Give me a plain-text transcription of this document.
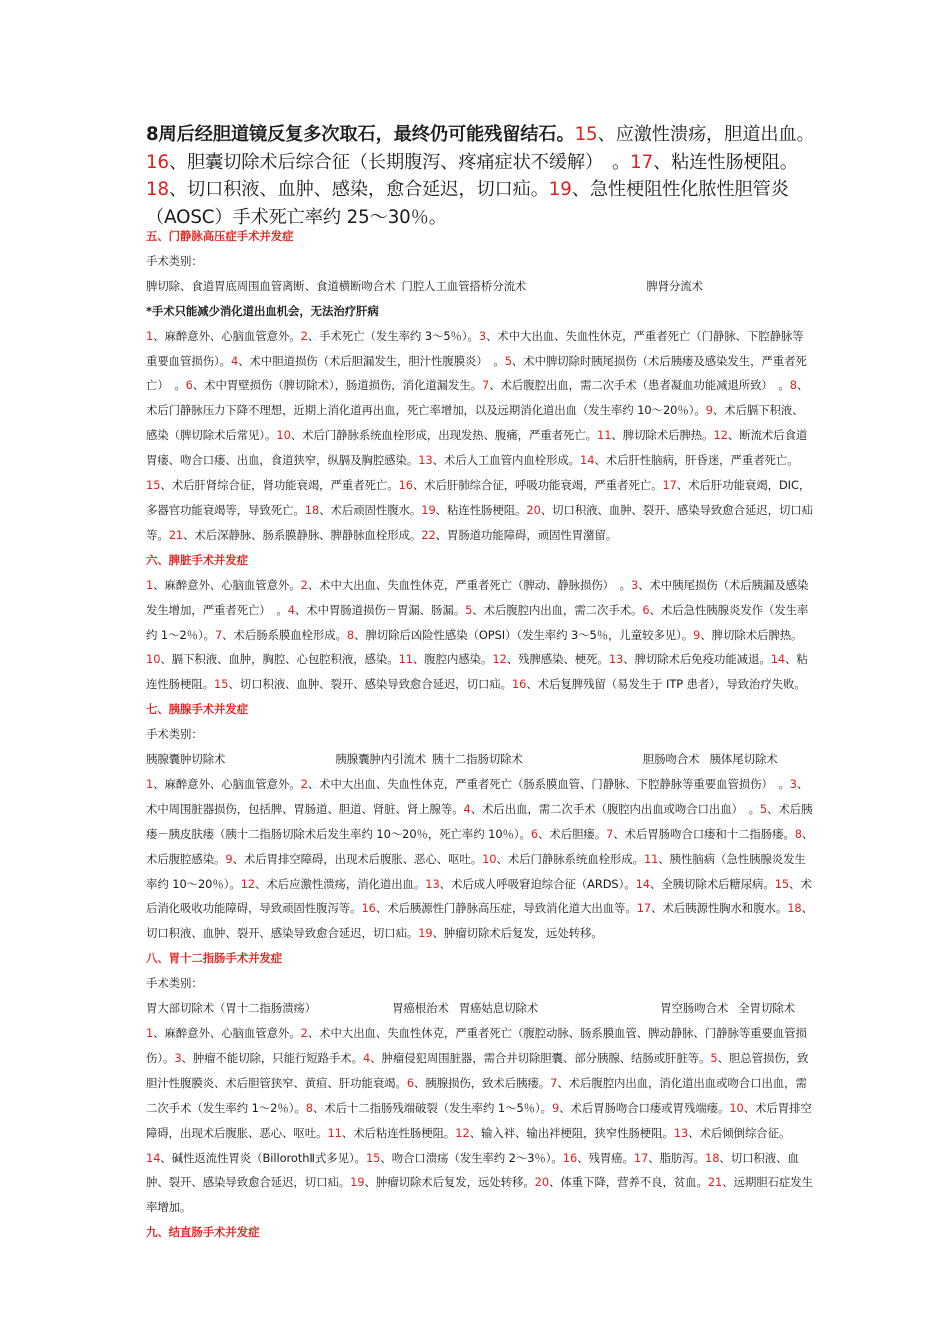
8周后经胆道镜反复多次取石，最终仍可能残留结石。15、应激性溃疡，胆道出血。16、胆囊切除术后综合征（长期腹泻、疼痛症状不缓解）　。17、粘连性肠梗阻。18、切口积液、血肿、感染，愈合延迟，切口疝。19、急性梗阻性化脓性胆管炎（AOSC）手术死亡率约 25～30％。

五、门静脉高压症手术并发症

手术类别：

脾切除、食道胃底周围血管离断、食道横断吻合术 门腔人工血管搭桥分流术	脾肾分流术

*手术只能减少消化道出血机会，无法治疗肝病

1、麻醉意外、心脑血管意外。2、手术死亡（发生率约 3～5％）。3、术中大出血、失血性休克，严重者死亡（门静脉、下腔静脉等重要血管损伤）。4、术中胆道损伤（术后胆漏发生，胆汁性腹膜炎）　。5、术中脾切除时胰尾损伤（术后胰瘘及感染发生，严重者死亡）　。6、术中胃壁损伤（脾切除术），肠道损伤，消化道漏发生。7、术后腹腔出血，需二次手术（患者凝血功能减退所致）　。8、术后门静脉压力下降不理想，近期上消化道再出血，死亡率增加，以及远期消化道出血（发生率约 10～20％）。9、术后膈下积液、感染（脾切除术后常见）。10、术后门静脉系统血栓形成，出现发热、腹痛，严重者死亡。11、脾切除术后脾热。12、断流术后食道胃瘘、吻合口瘘、出血，食道狭窄，纵膈及胸腔感染。13、术后人工血管内血栓形成。14、术后肝性脑病，肝昏迷，严重者死亡。15、术后肝肾综合征，肾功能衰竭，严重者死亡。16、术后肝肺综合征，呼吸功能衰竭，严重者死亡。17、术后肝功能衰竭，DIC，多器官功能衰竭等，导致死亡。18、术后顽固性腹水。19、粘连性肠梗阻。20、切口积液、血肿、裂开、感染导致愈合延迟，切口疝等。21、术后深静脉、肠系膜静脉、脾静脉血栓形成。22、胃肠道功能障碍，顽固性胃潴留。

六、脾脏手术并发症

1、麻醉意外、心脑血管意外。2、术中大出血、失血性休克，严重者死亡（脾动、静脉损伤）　。3、术中胰尾损伤（术后胰漏及感染发生增加，严重者死亡）　。4、术中胃肠道损伤－胃漏、肠漏。5、术后腹腔内出血，需二次手术。6、术后急性胰腺炎发作（发生率约 1～2％）。7、术后肠系膜血栓形成。8、脾切除后凶险性感染（OPSI）（发生率约 3～5％，儿童较多见）。9、脾切除术后脾热。10、膈下积液、血肿，胸腔、心包腔积液，感染。11、腹腔内感染。12、残脾感染、梗死。13、脾切除术后免疫功能减退。14、粘连性肠梗阻。15、切口积液、血肿、裂开、感染导致愈合延迟，切口疝。16、术后复脾残留（易发生于 ITP 患者），导致治疗失败。

七、胰腺手术并发症

手术类别：

胰腺囊肿切除术	胰腺囊肿内引流术 胰十二指肠切除术	胆肠吻合术 胰体尾切除术

1、麻醉意外、心脑血管意外。2、术中大出血、失血性休克，严重者死亡（肠系膜血管、门静脉、下腔静脉等重要血管损伤）　。3、术中周围脏器损伤，包括脾、胃肠道、胆道、肾脏、肾上腺等。4、术后出血，需二次手术（腹腔内出血或吻合口出血）　。5、术后胰瘘－胰皮肤瘘（胰十二指肠切除术后发生率约 10～20％，死亡率约 10％）。6、术后胆瘘。7、术后胃肠吻合口瘘和十二指肠瘘。8、术后腹腔感染。9、术后胃排空障碍，出现术后腹胀、恶心、呕吐。10、术后门静脉系统血栓形成。11、胰性脑病（急性胰腺炎发生率约 10～20％）。12、术后应激性溃疡，消化道出血。13、术后成人呼吸窘迫综合征（ARDS）。14、全胰切除术后糖尿病。15、术后消化吸收功能障碍，导致顽固性腹泻等。16、术后胰源性门静脉高压症，导致消化道大出血等。17、术后胰源性胸水和腹水。18、切口积液、血肿、裂开、感染导致愈合延迟，切口疝。19、肿瘤切除术后复发，远处转移。

八、胃十二指肠手术并发症

手术类别：

胃大部切除术（胃十二指肠溃疡）	胃癌根治术 胃癌姑息切除术	胃空肠吻合术 全胃切除术

1、麻醉意外、心脑血管意外。2、术中大出血、失血性休克，严重者死亡（腹腔动脉、肠系膜血管、脾动静脉、门静脉等重要血管损伤）。3、肿瘤不能切除，只能行短路手术。4、肿瘤侵犯周围脏器，需合并切除胆囊、部分胰腺、结肠或肝脏等。5、胆总管损伤，致胆汁性腹膜炎、术后胆管狭窄、黄疸、肝功能衰竭。6、胰腺损伤，致术后胰瘘。7、术后腹腔内出血，消化道出血或吻合口出血，需二次手术（发生率约 1～2％）。8、术后十二指肠残端破裂（发生率约 1～5％）。9、术后胃肠吻合口瘘或胃残端瘘。10、术后胃排空障碍，出现术后腹胀、恶心、呕吐。11、术后粘连性肠梗阻。12、输入袢、输出袢梗阻，狭窄性肠梗阻。13、术后倾倒综合征。14、碱性返流性胃炎（BillorothⅡ式多见）。15、吻合口溃疡（发生率约 2～3％）。16、残胃癌。17、脂肪泻。18、切口积液、血肿、裂开、感染导致愈合延迟，切口疝。19、肿瘤切除术后复发，远处转移。20、体重下降，营养不良，贫血。21、远期胆石症发生率增加。

九、结直肠手术并发症
